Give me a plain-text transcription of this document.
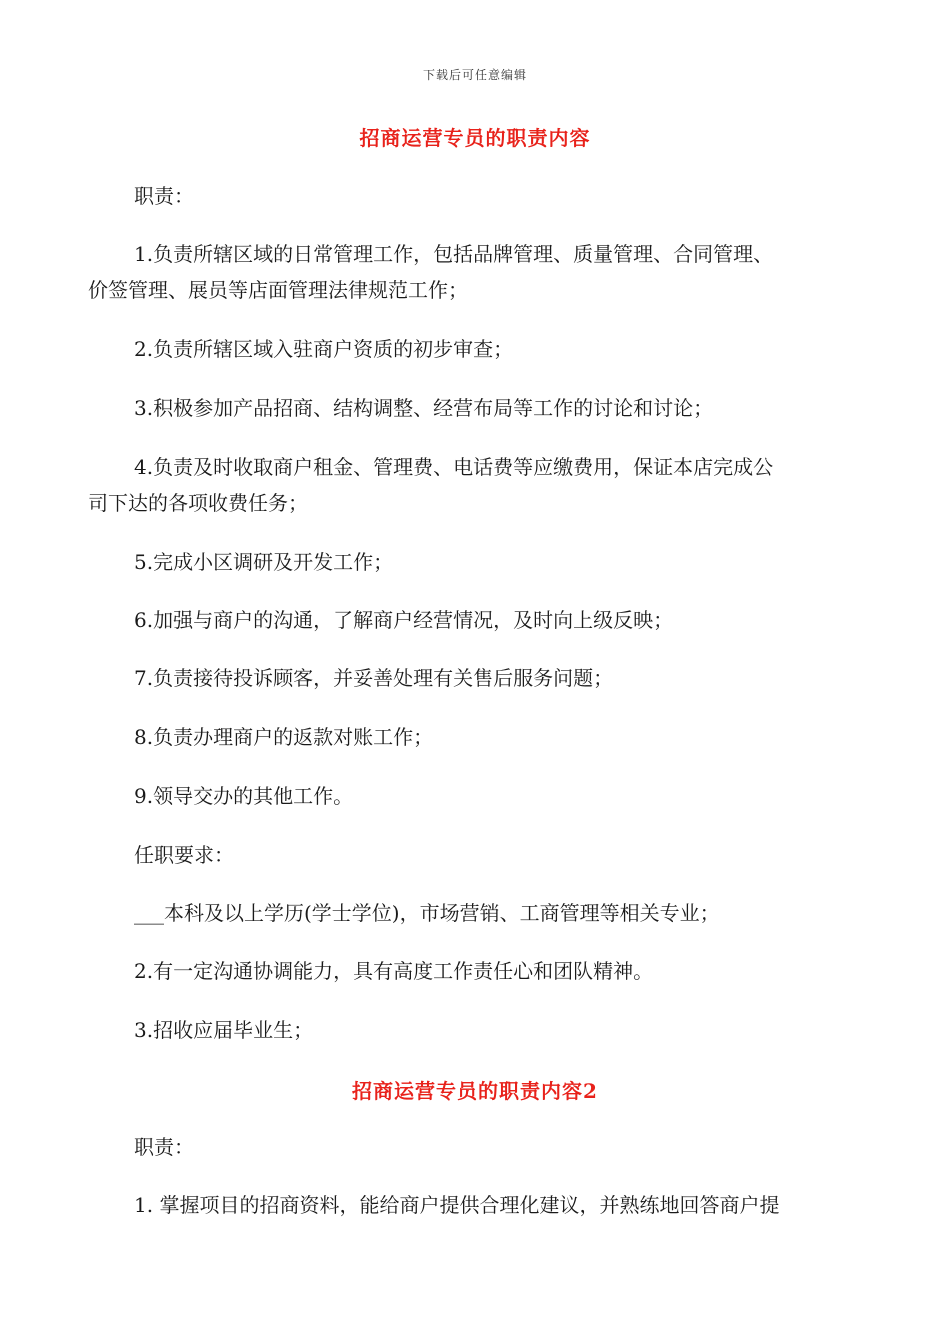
下载后可任意编辑
招商运营专员的职责内容
职责：
1.负责所辖区域的日常管理工作，包括品牌管理、质量管理、合同管理、
价签管理、展员等店面管理法律规范工作；
2.负责所辖区域入驻商户资质的初步审查；
3.积极参加产品招商、结构调整、经营布局等工作的讨论和讨论；
4.负责及时收取商户租金、管理费、电话费等应缴费用，保证本店完成公
司下达的各项收费任务；
5.完成小区调研及开发工作；
6.加强与商户的沟通，了解商户经营情况，及时向上级反映；
7.负责接待投诉顾客，并妥善处理有关售后服务问题；
8.负责办理商户的返款对账工作；
9.领导交办的其他工作。
任职要求：
___本科及以上学历(学士学位)，市场营销、工商管理等相关专业；
2.有一定沟通协调能力，具有高度工作责任心和团队精神。
3.招收应届毕业生；
招商运营专员的职责内容2
职责：
1. 掌握项目的招商资料，能给商户提供合理化建议，并熟练地回答商户提
